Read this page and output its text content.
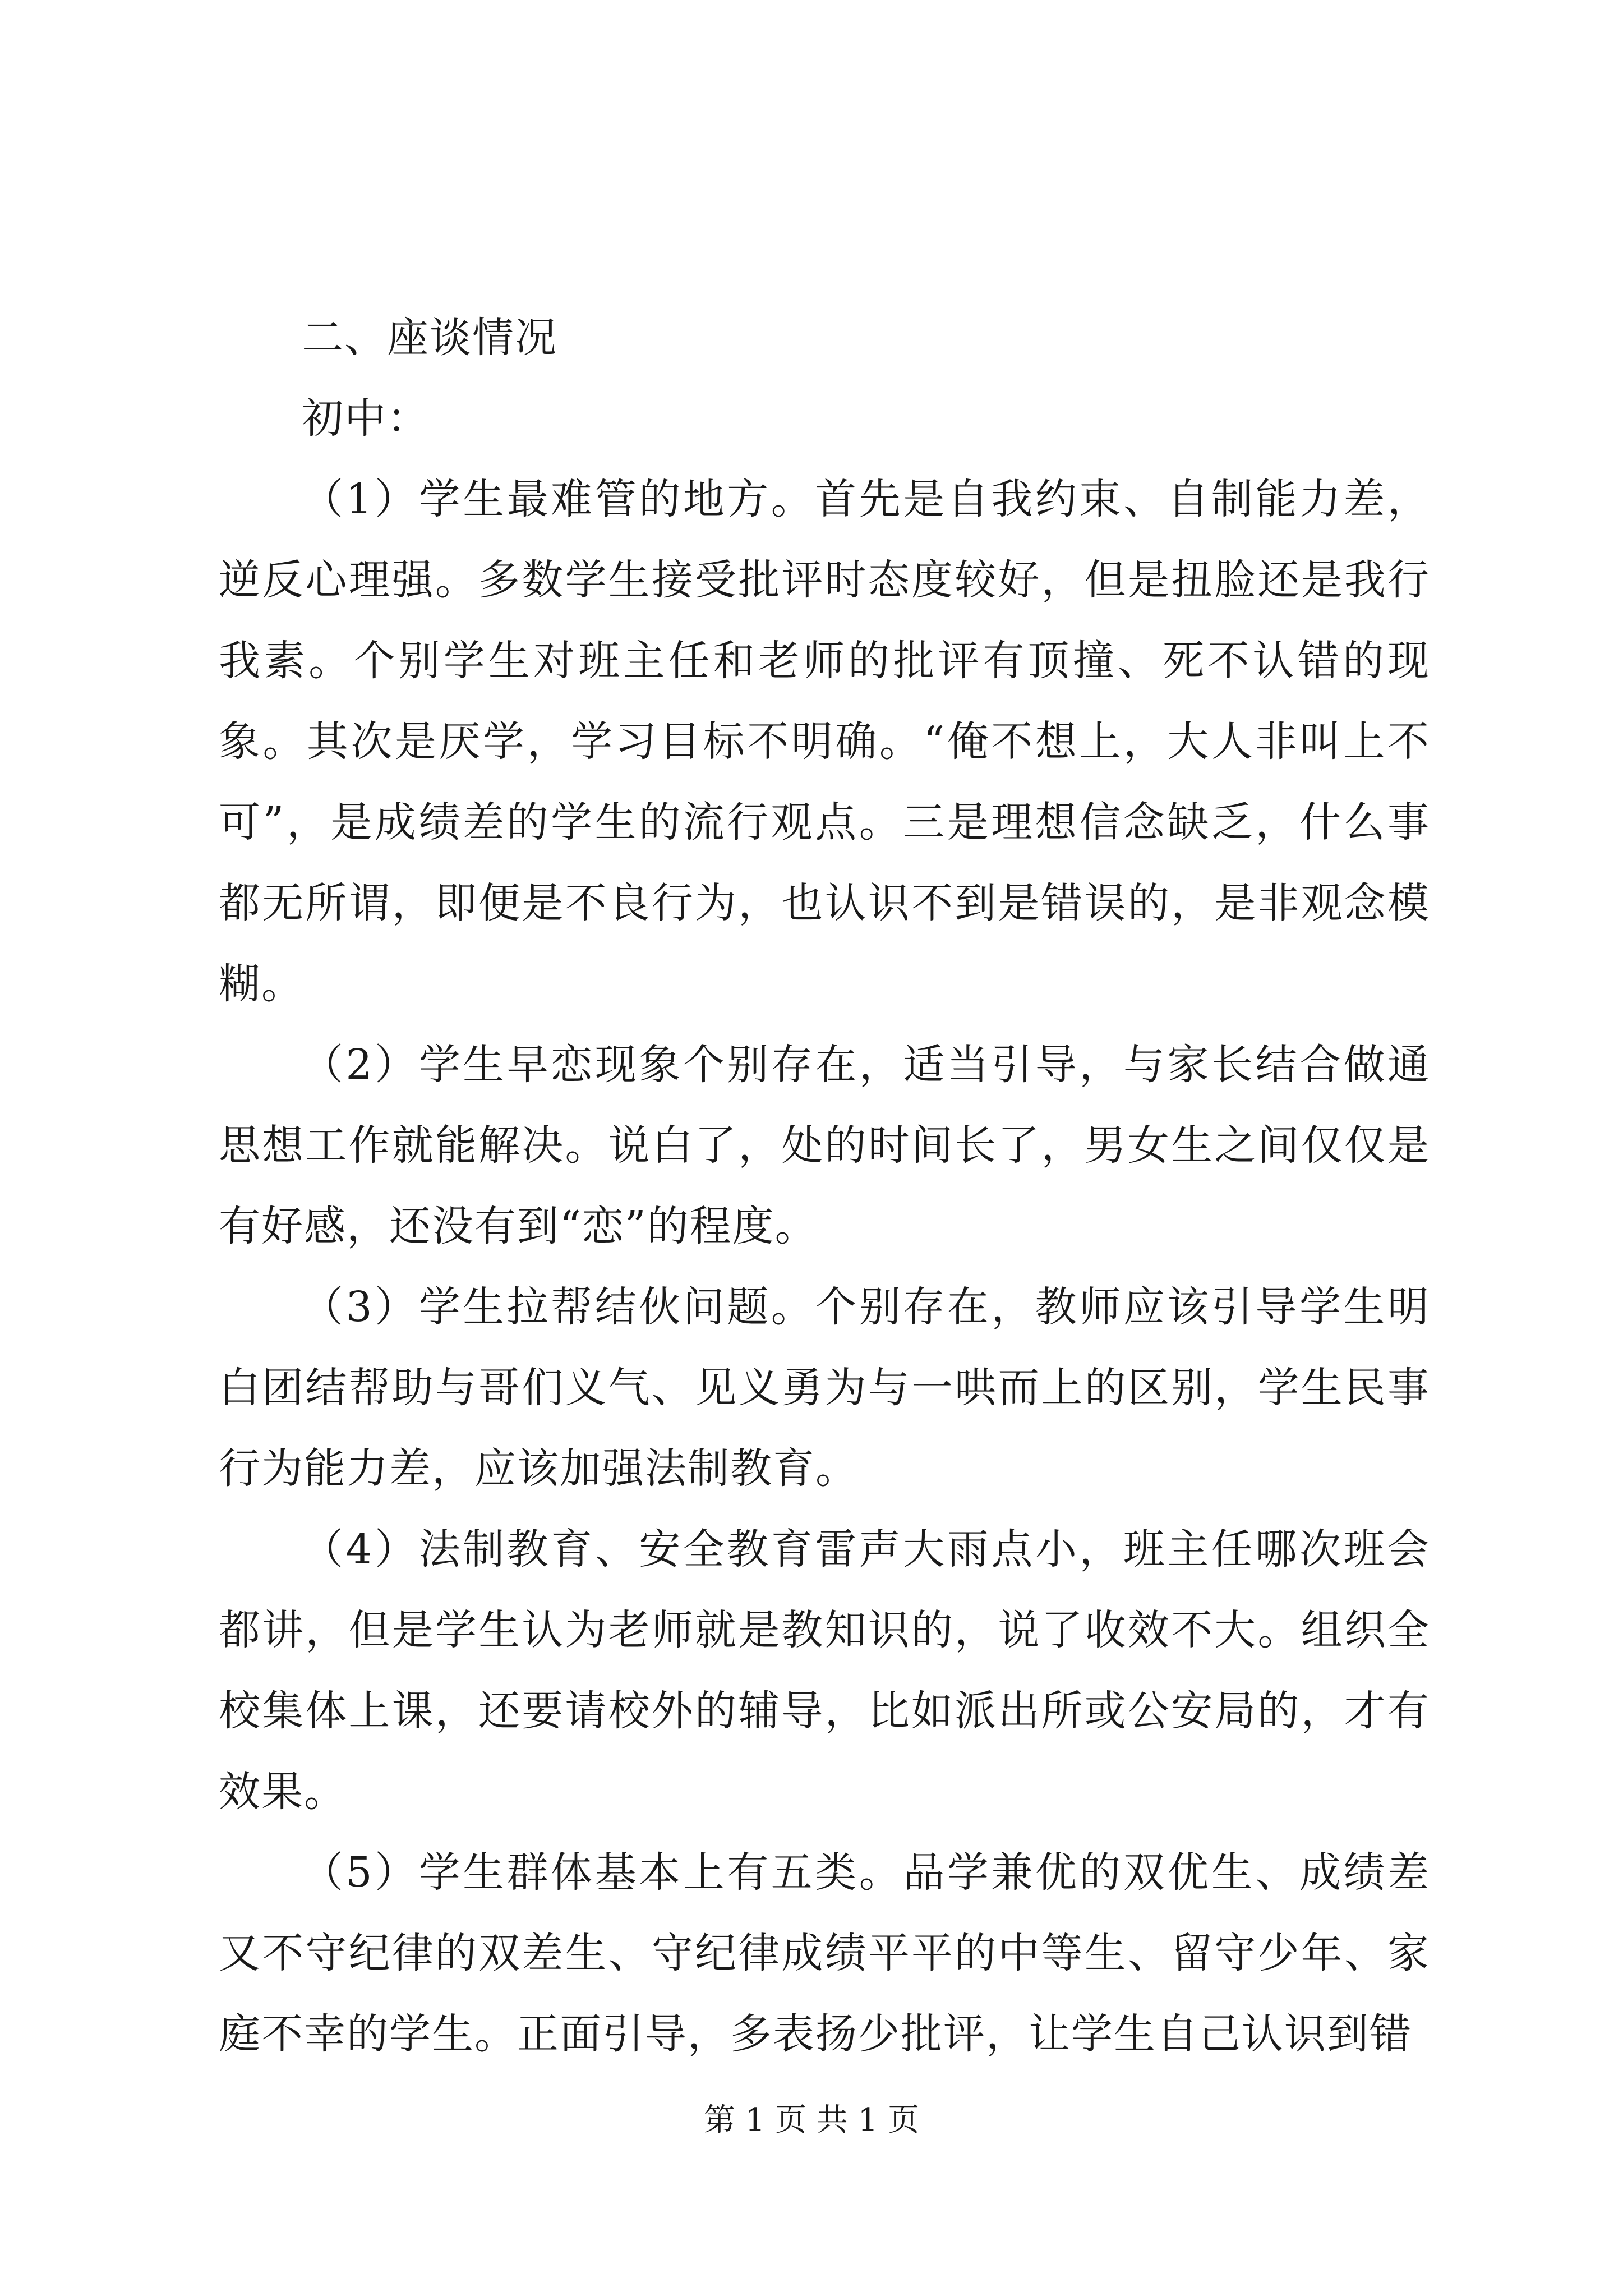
二、座谈情况

初中：

（1）学生最难管的地方。首先是自我约束、自制能力差，逆反心理强。多数学生接受批评时态度较好，但是扭脸还是我行我素。个别学生对班主任和老师的批评有顶撞、死不认错的现象。其次是厌学，学习目标不明确。“俺不想上，大人非叫上不可”，是成绩差的学生的流行观点。三是理想信念缺乏，什么事都无所谓，即便是不良行为，也认识不到是错误的，是非观念模糊。

（2）学生早恋现象个别存在，适当引导，与家长结合做通思想工作就能解决。说白了，处的时间长了，男女生之间仅仅是有好感，还没有到“恋”的程度。

（3）学生拉帮结伙问题。个别存在，教师应该引导学生明白团结帮助与哥们义气、见义勇为与一哄而上的区别，学生民事行为能力差，应该加强法制教育。

（4）法制教育、安全教育雷声大雨点小，班主任哪次班会都讲，但是学生认为老师就是教知识的，说了收效不大。组织全校集体上课，还要请校外的辅导，比如派出所或公安局的，才有效果。

（5）学生群体基本上有五类。品学兼优的双优生、成绩差又不守纪律的双差生、守纪律成绩平平的中等生、留守少年、家庭不幸的学生。正面引导，多表扬少批评，让学生自己认识到错

第 1 页 共 1 页
